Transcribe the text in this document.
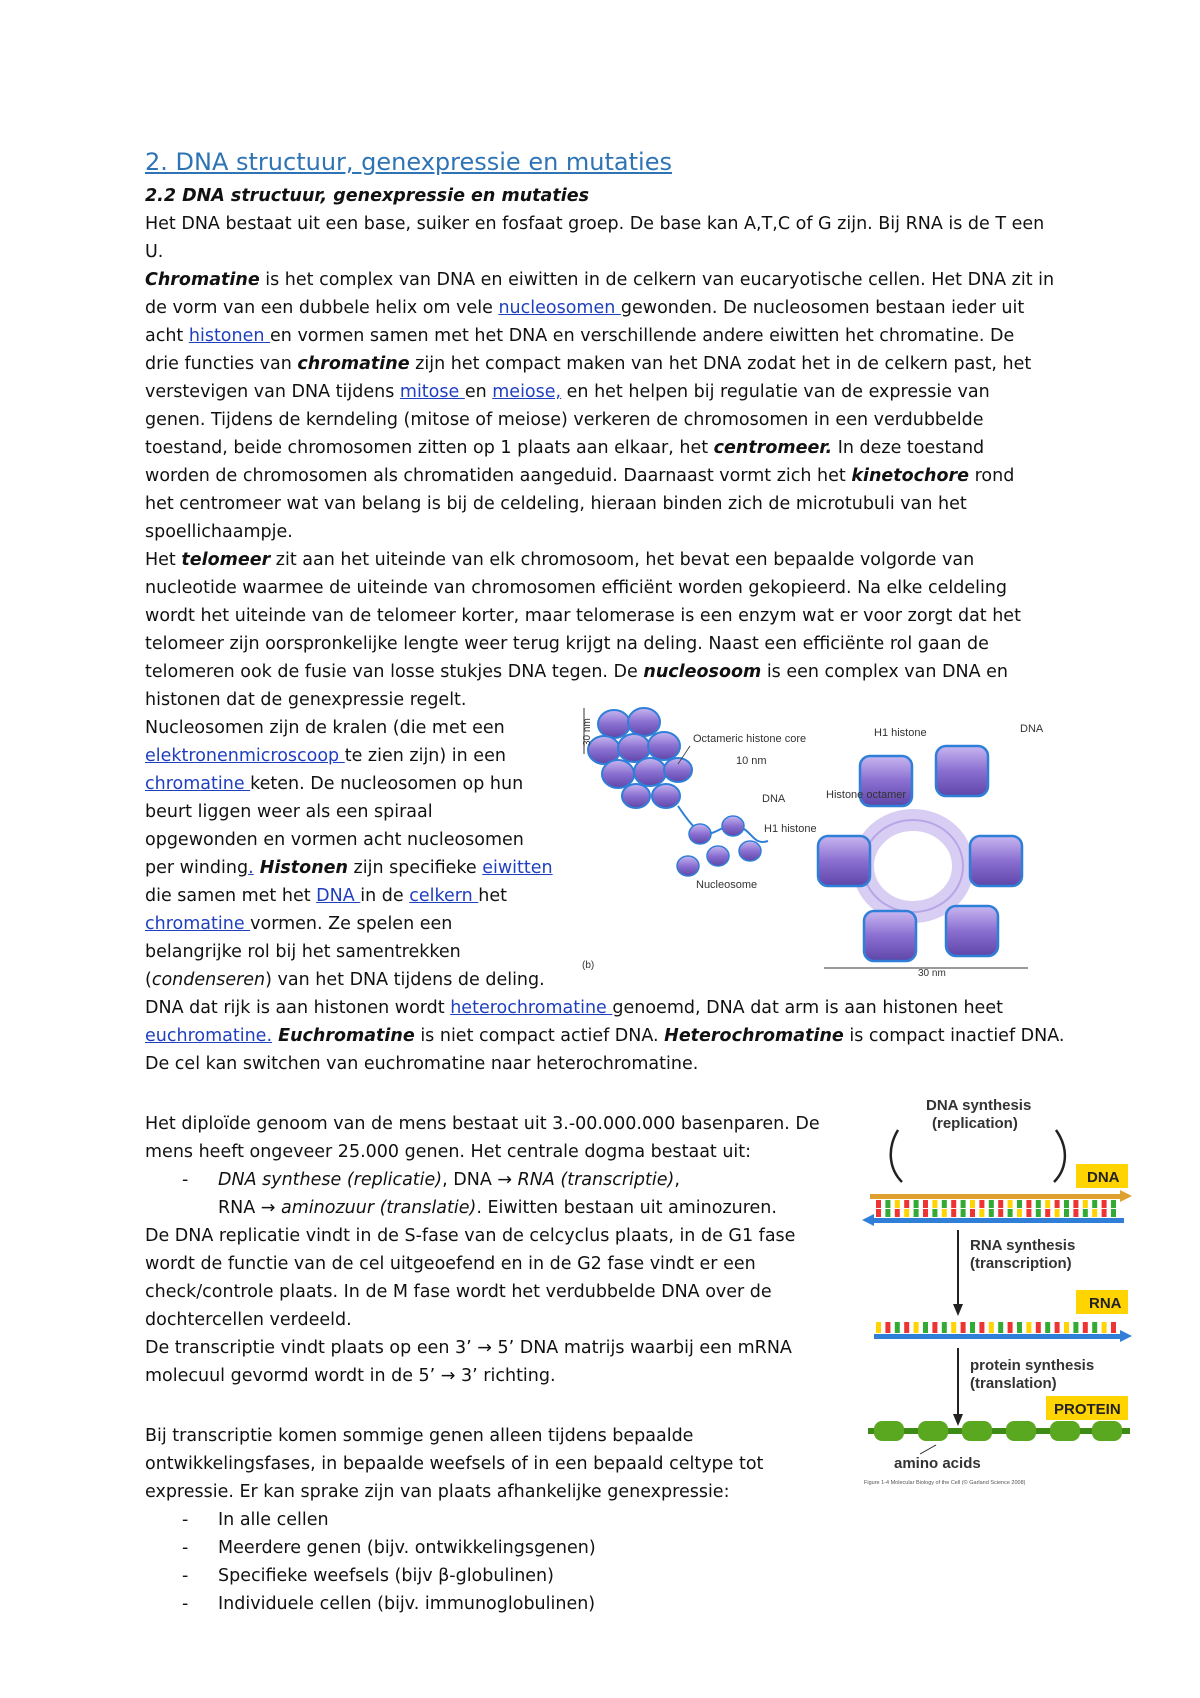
2. DNA structuur, genexpressie en mutaties
2.2 DNA structuur, genexpressie en mutaties
Het DNA bestaat uit een base, suiker en fosfaat groep. De base kan A,T,C of G zijn. Bij RNA is de T een
U.
Chromatine is het complex van DNA en eiwitten in de celkern van eucaryotische cellen. Het DNA zit in
de vorm van een dubbele helix om vele nucleosomen gewonden. De nucleosomen bestaan ieder uit
acht histonen en vormen samen met het DNA en verschillende andere eiwitten het chromatine. De
drie functies van chromatine zijn het compact maken van het DNA zodat het in de celkern past, het
verstevigen van DNA tijdens mitose en meiose, en het helpen bij regulatie van de expressie van
genen. Tijdens de kerndeling (mitose of meiose) verkeren de chromosomen in een verdubbelde
toestand, beide chromosomen zitten op 1 plaats aan elkaar, het centromeer. In deze toestand
worden de chromosomen als chromatiden aangeduid. Daarnaast vormt zich het kinetochore rond
het centromeer wat van belang is bij de celdeling, hieraan binden zich de microtubuli van het
spoellichaampje.
Het telomeer zit aan het uiteinde van elk chromosoom, het bevat een bepaalde volgorde van
nucleotide waarmee de uiteinde van chromosomen efficiënt worden gekopieerd. Na elke celdeling
wordt het uiteinde van de telomeer korter, maar telomerase is een enzym wat er voor zorgt dat het
telomeer zijn oorspronkelijke lengte weer terug krijgt na deling. Naast een efficiënte rol gaan de
telomeren ook de fusie van losse stukjes DNA tegen. De nucleosoom is een complex van DNA en
histonen dat de genexpressie regelt.
Nucleosomen zijn de kralen (die met een
elektronenmicroscoop te zien zijn) in een
chromatine keten. De nucleosomen op hun
beurt liggen weer als een spiraal
opgewonden en vormen acht nucleosomen
per winding. Histonen zijn specifieke eiwitten
die samen met het DNA in de celkern het
chromatine vormen. Ze spelen een
belangrijke rol bij het samentrekken
(condenseren) van het DNA tijdens de deling.
DNA dat rijk is aan histonen wordt heterochromatine genoemd, DNA dat arm is aan histonen heet
euchromatine. Euchromatine is niet compact actief DNA. Heterochromatine is compact inactief DNA.
De cel kan switchen van euchromatine naar heterochromatine.
Het diploïde genoom van de mens bestaat uit 3.-00.000.000 basenparen. De
mens heeft ongeveer 25.000 genen. Het centrale dogma bestaat uit:
- DNA synthese (replicatie), DNA → RNA (transcriptie),
RNA → aminozuur (translatie). Eiwitten bestaan uit aminozuren.
De DNA replicatie vindt in de S-fase van de celcyclus plaats, in de G1 fase
wordt de functie van de cel uitgeoefend en in de G2 fase vindt er een
check/controle plaats. In de M fase wordt het verdubbelde DNA over de
dochtercellen verdeeld.
De transcriptie vindt plaats op een 3’ → 5’ DNA matrijs waarbij een mRNA
molecuul gevormd wordt in de 5’ → 3’ richting.
Bij transcriptie komen sommige genen alleen tijdens bepaalde
ontwikkelingsfases, in bepaalde weefsels of in een bepaald celtype tot
expressie. Er kan sprake zijn van plaats afhankelijke genexpressie:
- In alle cellen
- Meerdere genen (bijv. ontwikkelingsgenen)
- Specifieke weefsels (bijv β-globulinen)
- Individuele cellen (bijv. immunoglobulinen)
30 nm	Octameric histone core
10 nm
DNA
H1 histone
Nucleosome
(b)
H1 histone	DNA
Histone octamer
30 nm
DNA synthesis
(replication)
DNA
RNA synthesis
(transcription)
RNA
protein synthesis
(translation)
PROTEIN
amino acids
Figure 1-4 Molecular Biology of the Cell (© Garland Science 2008)
